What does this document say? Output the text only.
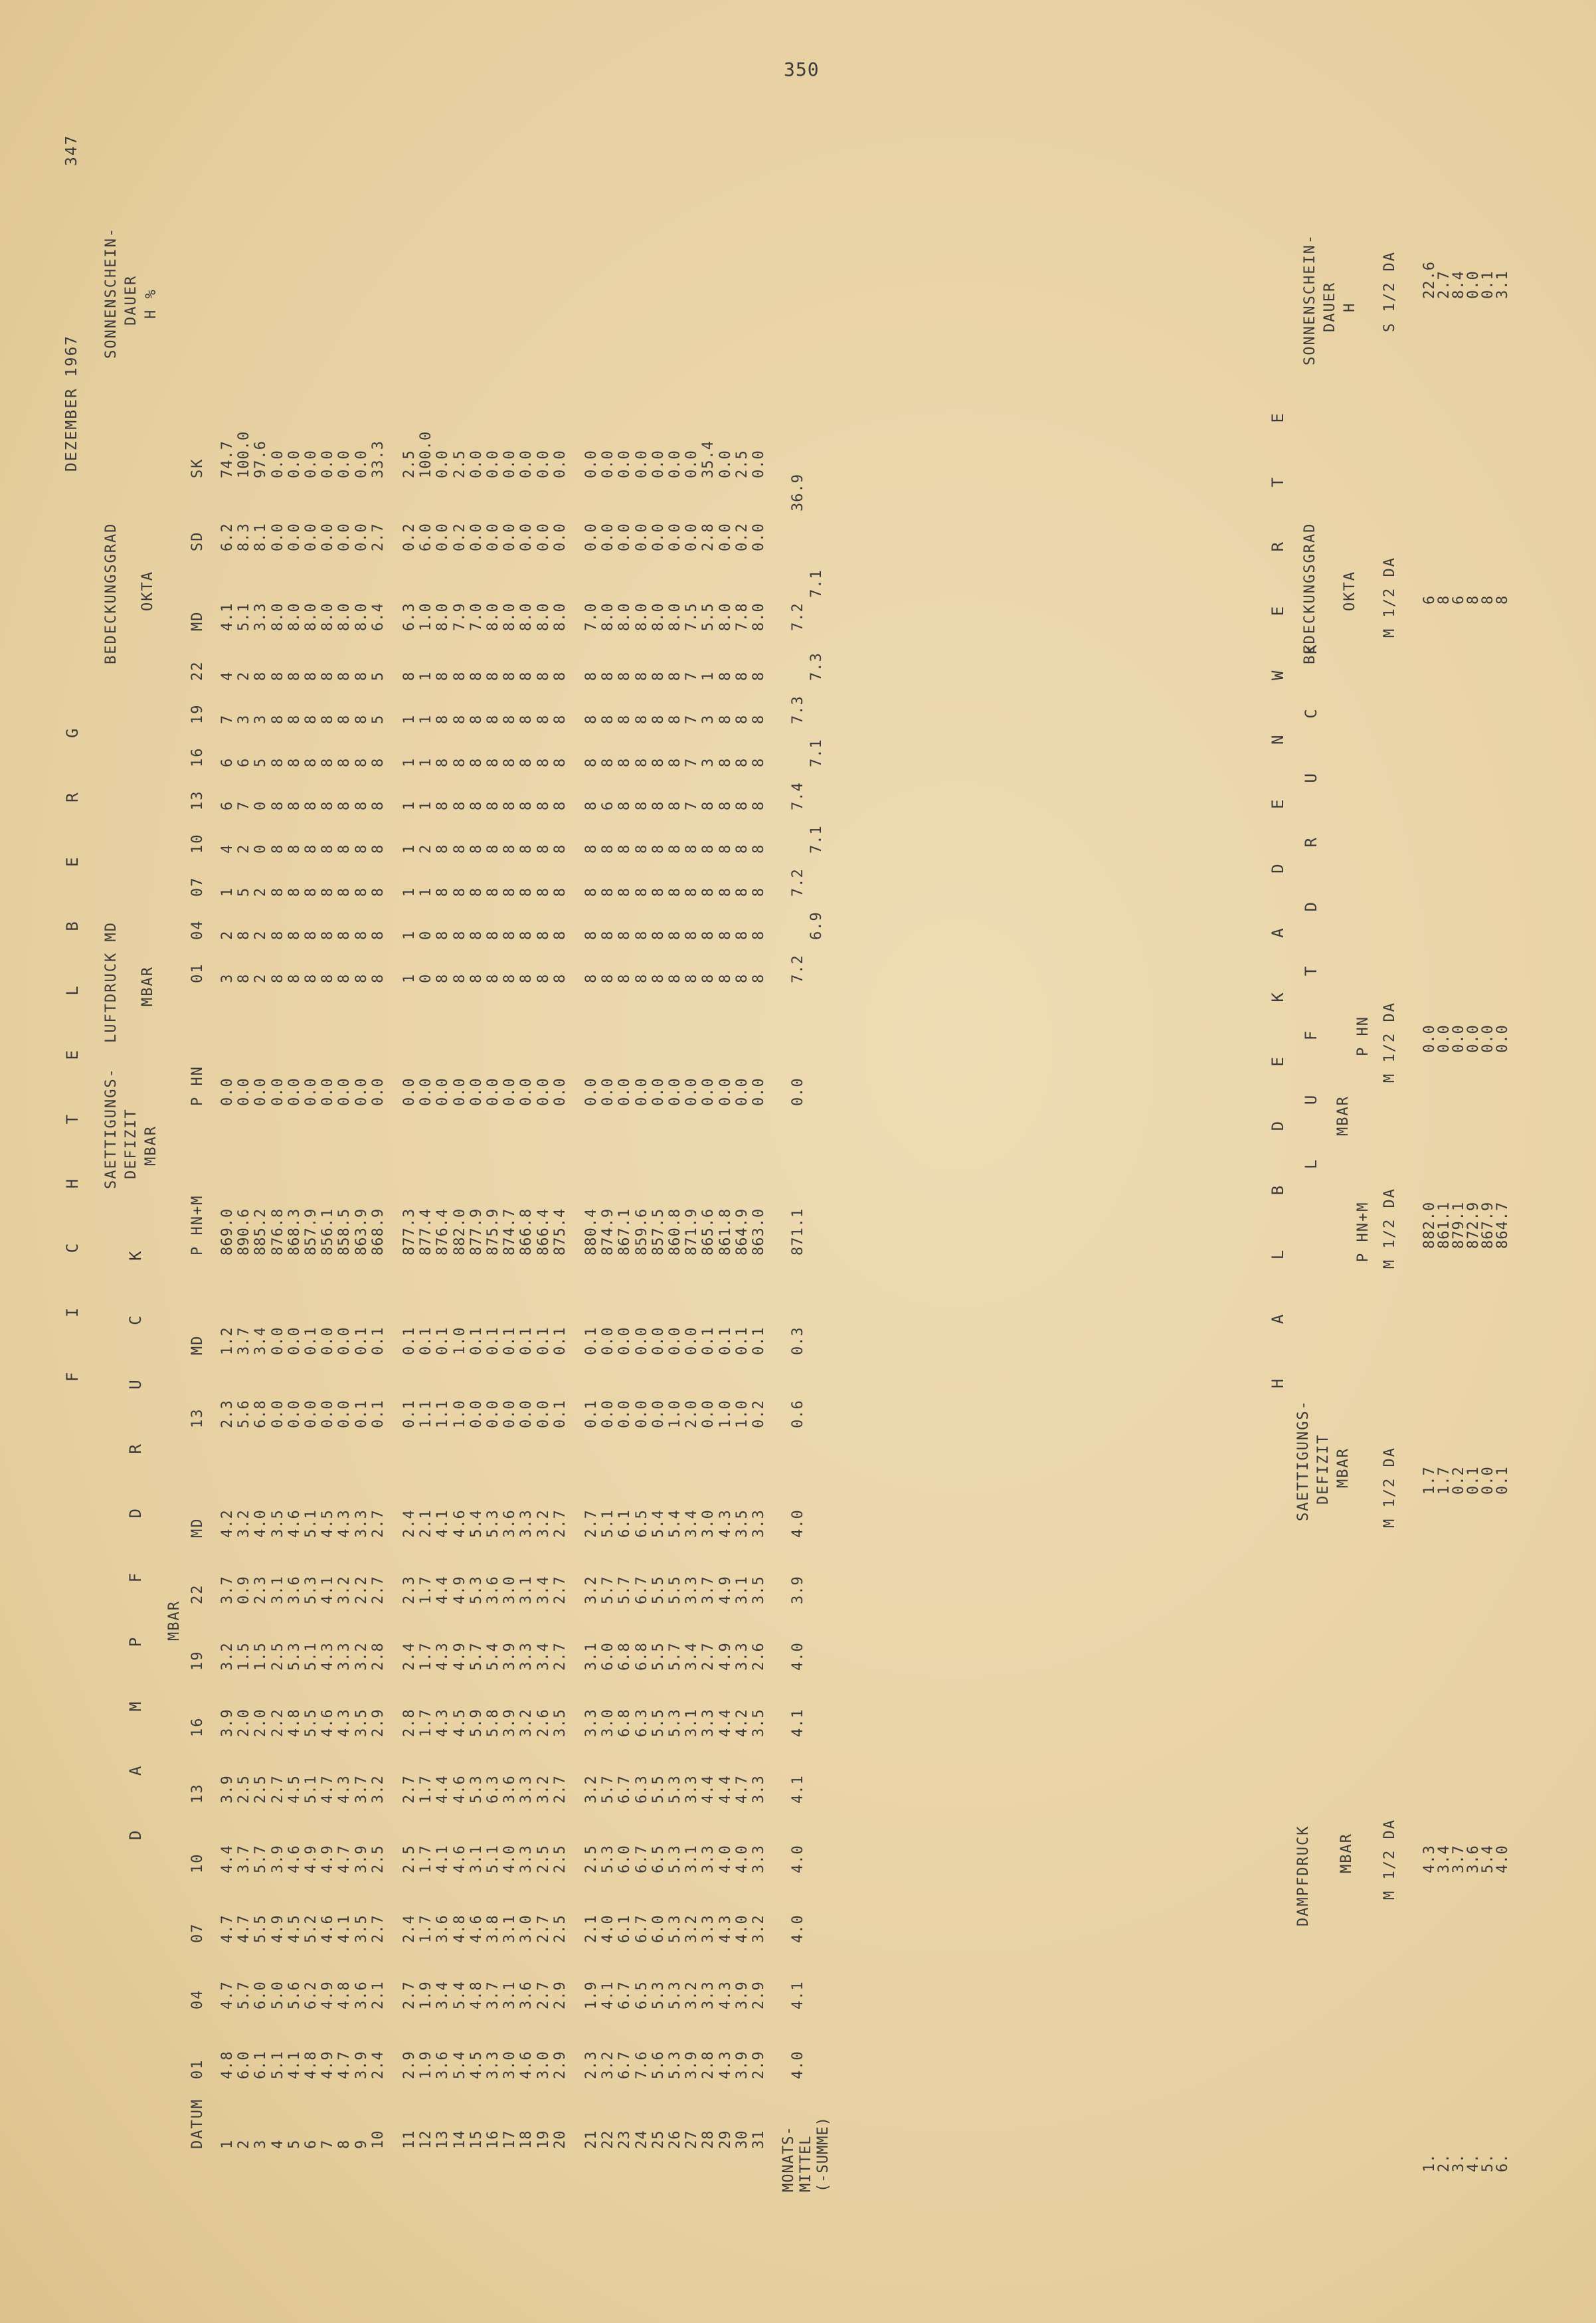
350
F I C H T E L B E R G
DEZEMBER 1967
347
D A M P F D R U C K MBAR
SAETTIGUNGS- DEFIZIT MBAR
LUFTDRUCK MD MBAR
BEDECKUNGSGRAD OKTA
SONNENSCHEIN- DAUER H %
DATUM
01
04
07
10
13
16
19
22
MD
13
MD
P HN+M
P HN
01
04
07
10
13
16
19
22
MD
SD
SK
1
4.8
4.7
4.7
4.4
3.9
3.9
3.2
3.7
4.2
2.3
1.2
869.0
0.0
3
2
1
4
6
6
7
4
4.1
6.2
74.7
2
6.0
5.7
4.7
3.7
2.5
2.0
1.5
0.9
3.2
5.6
3.7
890.6
0.0
8
8
5
2
7
6
3
2
5.1
8.3
100.0
3
6.1
6.0
5.5
5.7
2.5
2.0
1.5
2.3
4.0
6.8
3.4
885.2
0.0
2
2
2
0
0
5
3
8
3.3
8.1
97.6
4
5.1
5.0
4.9
3.9
2.7
2.2
2.5
3.1
3.5
0.0
0.0
876.8
0.0
8
8
8
8
8
8
8
8
8.0
0.0
0.0
5
4.1
5.6
4.5
4.6
4.5
4.8
5.3
3.6
4.6
0.0
0.0
868.3
0.0
8
8
8
8
8
8
8
8
8.0
0.0
0.0
6
4.8
6.2
5.2
4.9
5.1
5.5
5.1
5.3
5.1
0.0
0.1
857.9
0.0
8
8
8
8
8
8
8
8
8.0
0.0
0.0
7
4.9
4.9
4.6
4.9
4.7
4.6
4.3
4.1
4.5
0.0
0.0
856.1
0.0
8
8
8
8
8
8
8
8
8.0
0.0
0.0
8
4.7
4.8
4.1
4.7
4.3
4.3
3.3
3.2
4.3
0.0
0.0
858.5
0.0
8
8
8
8
8
8
8
8
8.0
0.0
0.0
9
3.9
3.6
3.5
3.9
3.7
3.5
3.2
2.2
3.3
0.1
0.1
863.9
0.0
8
8
8
8
8
8
8
8
8.0
0.0
0.0
10
2.4
2.1
2.7
2.5
3.2
2.9
2.8
2.7
2.7
0.1
0.1
868.9
0.0
8
8
8
8
8
8
5
5
6.4
2.7
33.3
11
2.9
2.7
2.4
2.5
2.7
2.8
2.4
2.3
2.4
0.1
0.1
877.3
0.0
1
1
1
1
1
1
1
8
6.3
0.2
2.5
12
1.9
1.9
1.7
1.7
1.7
1.7
1.7
1.7
2.1
1.1
0.1
877.4
0.0
0
0
1
2
1
1
1
1
1.0
6.0
100.0
13
3.6
3.4
3.6
4.1
4.4
4.3
4.3
4.4
4.1
1.1
0.1
876.4
0.0
8
8
8
8
8
8
8
8
8.0
0.0
0.0
14
5.4
5.4
4.8
4.6
4.6
4.5
4.9
4.9
4.6
1.0
1.0
882.0
0.0
8
8
8
8
8
8
8
8
7.9
0.2
2.5
15
4.5
4.8
4.6
3.1
5.3
5.9
5.7
5.3
5.4
0.0
0.1
877.9
0.0
8
8
8
8
8
8
8
8
7.0
0.0
0.0
16
3.3
3.7
3.8
5.1
6.3
5.8
5.4
3.6
5.3
0.0
0.1
875.9
0.0
8
8
8
8
8
8
8
8
8.0
0.0
0.0
17
3.0
3.1
3.1
4.0
3.6
3.9
3.9
3.0
3.6
0.0
0.1
874.7
0.0
8
8
8
8
8
8
8
8
8.0
0.0
0.0
18
4.6
3.6
3.0
3.3
3.3
3.2
3.3
3.1
3.3
0.0
0.1
866.8
0.0
8
8
8
8
8
8
8
8
8.0
0.0
0.0
19
3.0
2.7
2.7
2.5
3.2
2.6
3.4
3.4
3.2
0.0
0.1
866.4
0.0
8
8
8
8
8
8
8
8
8.0
0.0
0.0
20
2.9
2.9
2.5
2.5
2.7
3.5
2.7
2.7
2.7
0.1
0.1
875.4
0.0
8
8
8
8
8
8
8
8
8.0
0.0
0.0
21
2.3
1.9
2.1
2.5
3.2
3.3
3.1
3.2
2.7
0.1
0.1
880.4
0.0
8
8
8
8
8
8
8
8
7.0
0.0
0.0
22
3.2
4.1
4.0
5.3
5.7
3.0
6.0
5.7
5.1
0.0
0.0
874.9
0.0
8
8
8
8
6
8
8
8
8.0
0.0
0.0
23
6.7
6.7
6.1
6.0
6.7
6.8
6.8
5.7
6.1
0.0
0.0
867.1
0.0
8
8
8
8
8
8
8
8
8.0
0.0
0.0
24
7.6
6.5
6.7
6.7
6.3
6.3
6.8
6.7
6.5
0.0
0.0
859.6
0.0
8
8
8
8
8
8
8
8
8.0
0.0
0.0
25
5.6
5.3
6.0
6.5
5.5
5.5
5.5
5.5
5.4
0.0
0.0
857.5
0.0
8
8
8
8
8
8
8
8
8.0
0.0
0.0
26
5.3
5.3
5.3
5.3
5.3
5.3
5.7
5.5
5.4
1.0
0.0
860.8
0.0
8
8
8
8
8
8
8
8
8.0
0.0
0.0
27
3.9
3.2
3.2
3.1
3.3
3.1
3.4
3.3
3.4
2.0
0.0
871.9
0.0
8
8
8
8
7
7
7
7
7.5
0.0
0.0
28
2.8
3.3
3.3
3.3
4.4
3.3
2.7
3.7
3.0
0.0
0.1
865.6
0.0
8
8
8
8
8
3
3
1
5.5
2.8
35.4
29
4.3
4.3
4.3
4.0
4.4
4.4
4.9
4.9
4.3
1.0
0.1
861.8
0.0
8
8
8
8
8
8
8
8
8.0
0.0
0.0
30
3.9
3.9
4.0
4.0
4.7
4.2
3.3
3.1
3.5
1.0
0.1
864.9
0.0
8
8
8
8
8
8
8
8
7.8
0.2
2.5
31
2.9
2.9
3.2
3.3
3.3
3.5
2.6
3.5
3.3
0.2
0.1
863.0
0.0
8
8
8
8
8
8
8
8
8.0
0.0
0.0
MONATS- MITTEL (-SUMME)
4.0
4.1
4.0
4.0
4.1
4.1
4.0
3.9
4.0
0.6
0.3
871.1
0.0
7.2
7.2
7.4
7.3
7.2
36.9
6.9
7.1
7.1
7.3
7.1	H A L B D E K A D E N W E R T E
DAMPFDRUCK MBAR M 1/2 DA
SAETTIGUNGS- DEFIZIT MBAR M 1/2 DA
L U F T D R U C K MBAR
P HN+M
P HN
M 1/2 DA
M 1/2 DA
BEDECKUNGSGRAD OKTA M 1/2 DA
SONNENSCHEIN- DAUER H S 1/2 DA
1.
2.
3.
4.
5.
6.
4.3
3.4
3.7
3.6
5.4
4.0
1.7
1.7
0.2
0.1
0.0
0.1
882.0
861.1
879.1
872.9
867.9
864.7
0.0
0.0
0.0
0.0
0.0
0.0
6
8
6
8
8
8
22.6
2.7
8.4
0.0
0.1
3.1
